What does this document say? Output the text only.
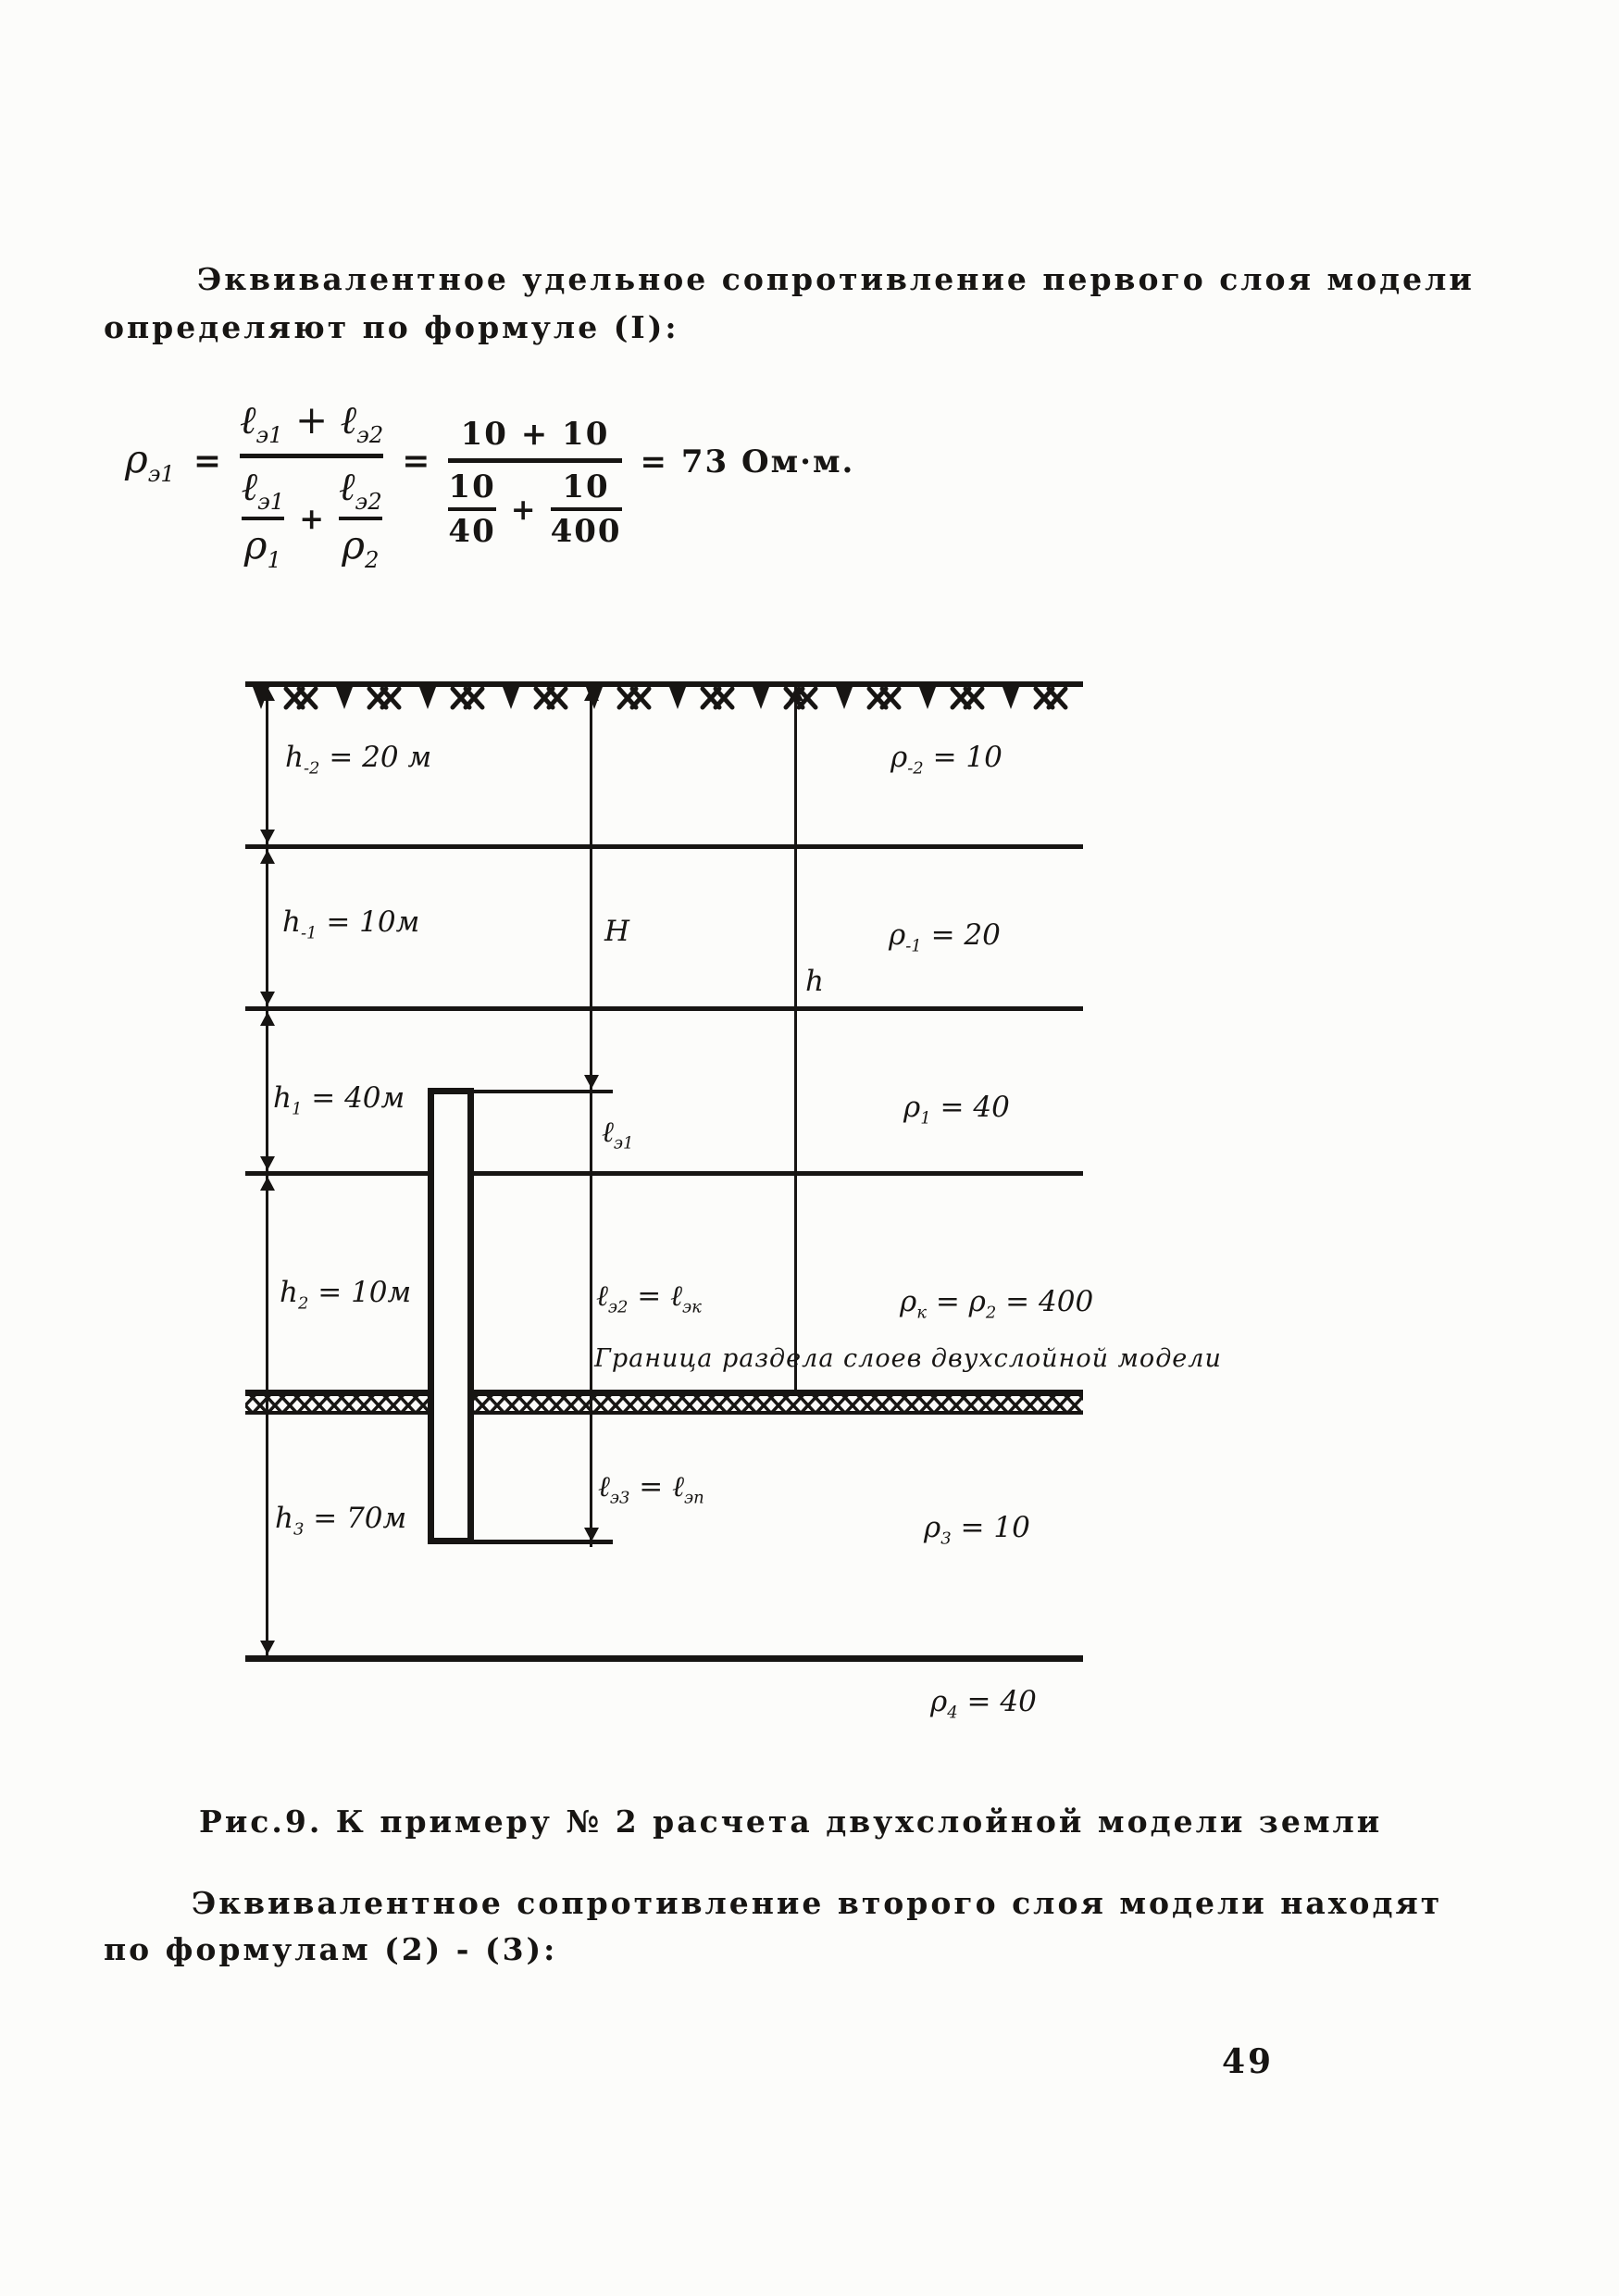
Эквивалентное удельное сопротивление первого слоя модели

определяют по формуле (I):

$\rho_{э1}$ =
ℓ$_{э1}$ + ℓ$_{э2}$
ℓ$_{э1}$
$\rho_1$
+
ℓ$_{э2}$
$\rho_2$
=
10 + 10
10
40
+
10
400
= 73 Ом·м.
$h_{-2} = 20$ м	$\rho_{-2} = 10$
$h_{-1} = 10м$	H	$\rho_{-1} = 20$
h
$h_1 = 40м$
ℓ$_{э1}$
$\rho_1 = 40$
$h_2 = 10м$	ℓ$_{э2}$ = ℓ$_{эк}$	$\rho_к = \rho_2 = 400$
Граница раздела слоев двухслойной модели
$h_3 = 70м$
ℓ$_{э3}$ = ℓ$_{эп}$
$\rho_3 = 10$
$\rho_4 = 40$

Рис.9. К примеру № 2 расчета двухслойной модели земли

Эквивалентное сопротивление второго слоя модели находят

по формулам (2) - (3):

49
